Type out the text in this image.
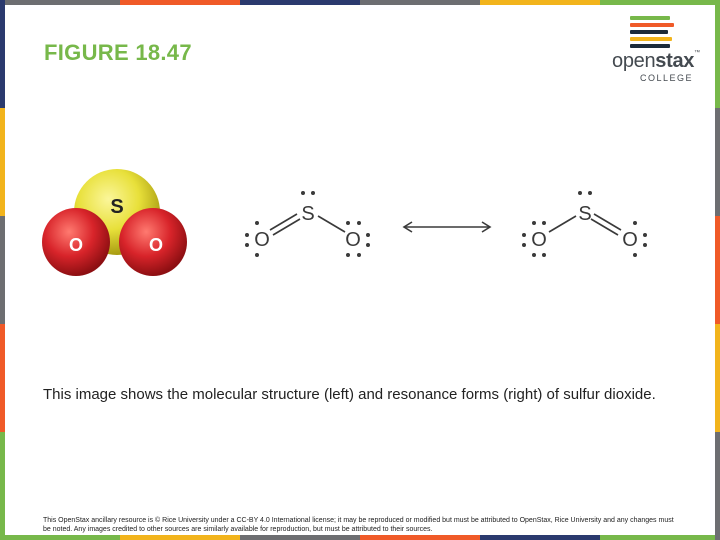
FIGURE 18.47	openstax™
COLLEGE
S
O	O	O
S
O	O
S
O
This image shows the molecular structure (left) and resonance forms (right) of sulfur dioxide.
This OpenStax ancillary resource is © Rice University under a CC-BY 4.0 International license; it may be reproduced or modified but must be attributed to OpenStax, Rice University and any changes must be noted. Any images credited to other sources are similarly available for reproduction, but must be attributed to their sources.
